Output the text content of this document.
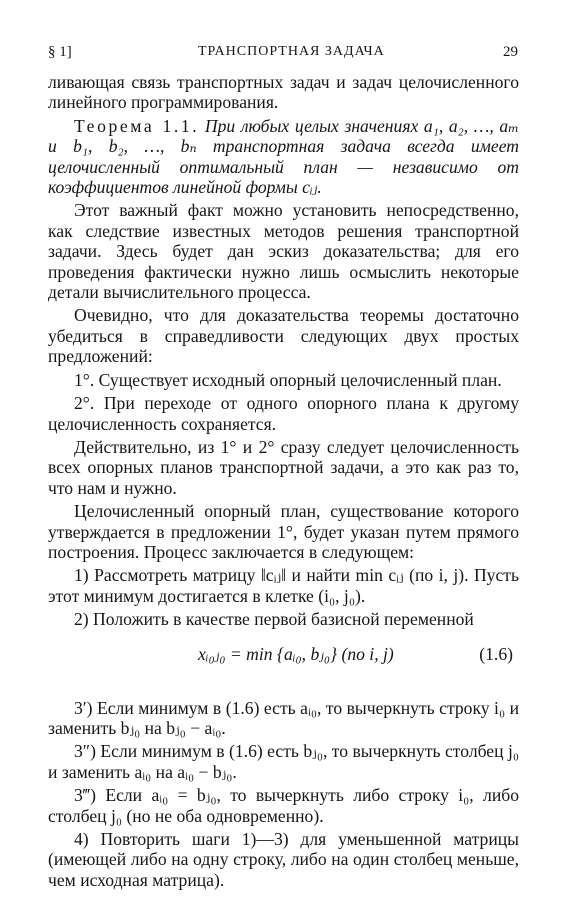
§ 1]	ТРАНСПОРТНАЯ ЗАДАЧА	29

ливающая связь транспортных задач и задач целочисленного линейного программирования.

Теорема 1.1. При любых целых значениях a₁, a₂, …, aₘ и b₁, b₂, …, bₙ транспортная задача всегда имеет целочисленный оптимальный план — независимо от коэффициентов линейной формы cᵢⱼ.

Этот важный факт можно установить непосредственно, как следствие известных методов решения транспортной задачи. Здесь будет дан эскиз доказательства; для его проведения фактически нужно лишь осмыслить некоторые детали вычислительного процесса.

Очевидно, что для доказательства теоремы достаточно убедиться в справедливости следующих двух простых предложений:

1°. Существует исходный опорный целочисленный план.

2°. При переходе от одного опорного плана к другому целочисленность сохраняется.

Действительно, из 1° и 2° сразу следует целочисленность всех опорных планов транспортной задачи, а это как раз то, что нам и нужно.

Целочисленный опорный план, существование которого утверждается в предложении 1°, будет указан путем прямого построения. Процесс заключается в следующем:

1) Рассмотреть матрицу ‖cᵢⱼ‖ и найти min cᵢⱼ (по i, j). Пусть этот минимум достигается в клетке (i₀, j₀).

2) Положить в качестве первой базисной переменной

xᵢ₀ⱼ₀ = min {aᵢ₀, bⱼ₀} (по i, j)	(1.6)

3′) Если минимум в (1.6) есть aᵢ₀, то вычеркнуть строку i₀ и заменить bⱼ₀ на bⱼ₀ − aᵢ₀.

3″) Если минимум в (1.6) есть bⱼ₀, то вычеркнуть столбец j₀ и заменить aᵢ₀ на aᵢ₀ − bⱼ₀.

3‴) Если aᵢ₀ = bⱼ₀, то вычеркнуть либо строку i₀, либо столбец j₀ (но не оба одновременно).

4) Повторить шаги 1)—3) для уменьшенной матрицы (имеющей либо на одну строку, либо на один столбец меньше, чем исходная матрица).
